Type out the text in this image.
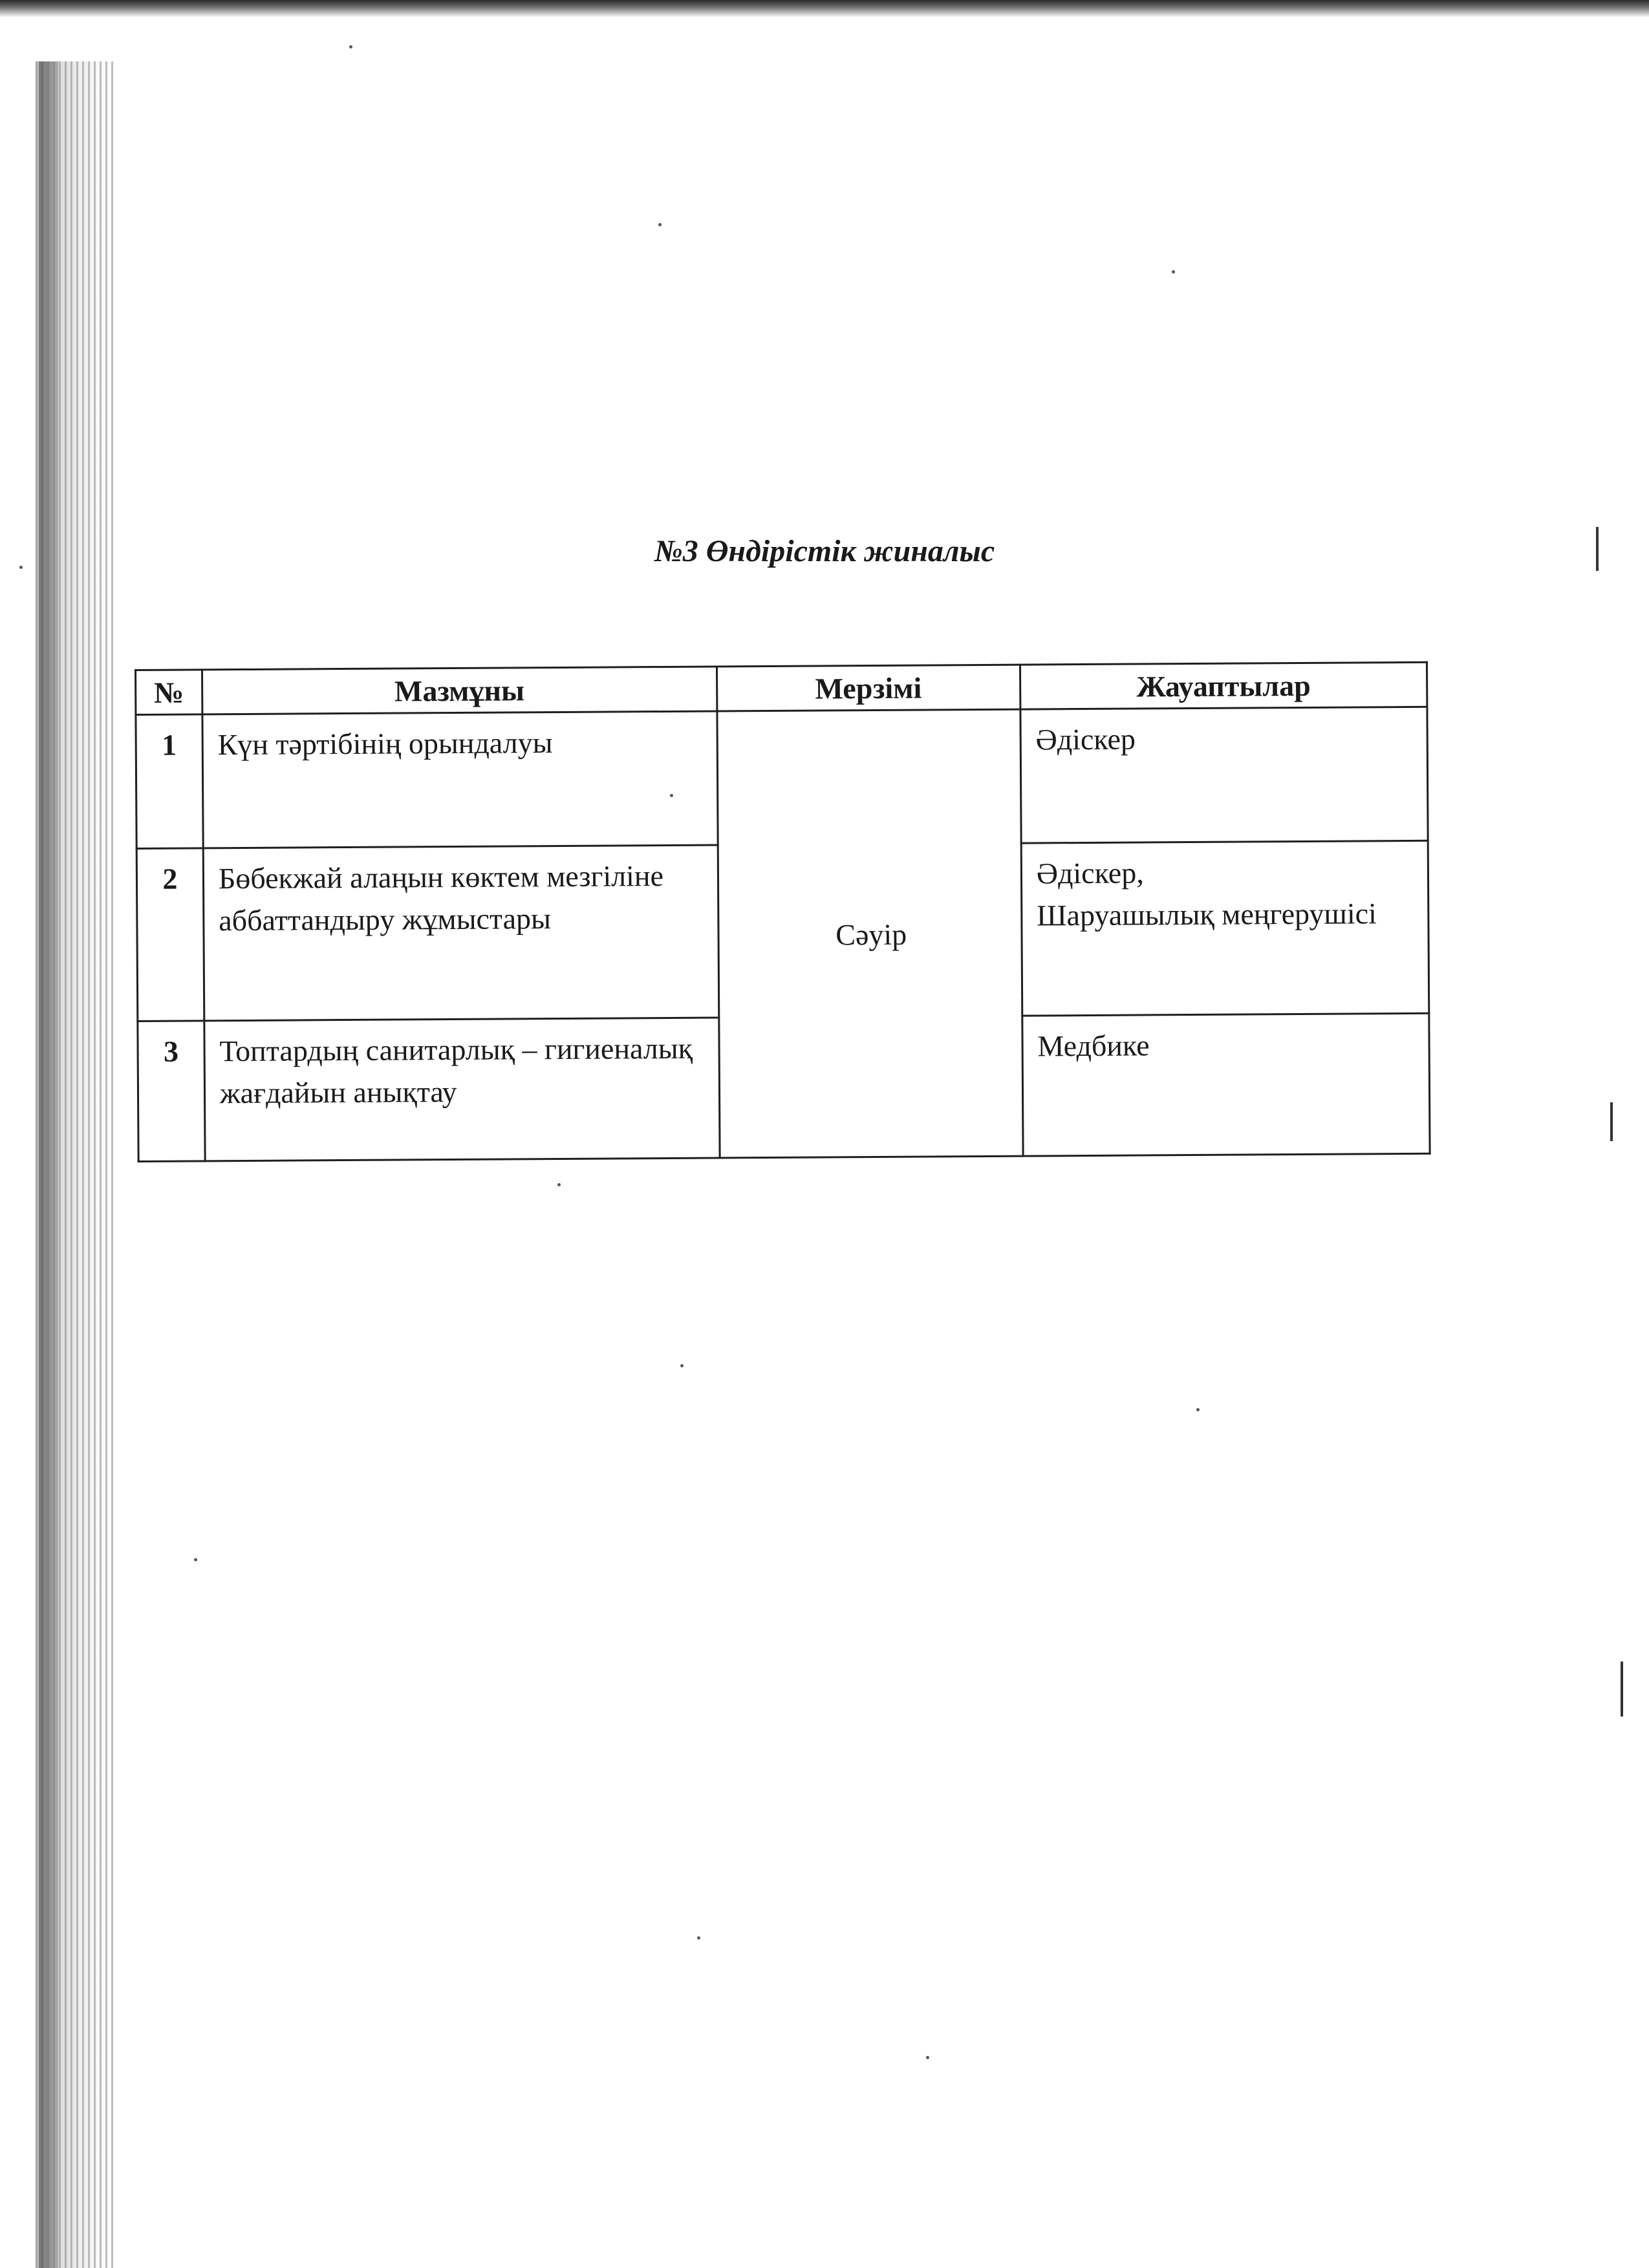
№3 Өндірістік жиналыс
№	Мазмұны	Мерзімі	Жауаптылар
1	Күн тәртібінің орындалуы	Сәуір	Әдіскер
2	Бөбекжай алаңын көктем мезгіліне аббаттандыру жұмыстары		Әдіскер,
Шаруашылық меңгерушісі
3	Топтардың санитарлық – гигиеналық жағдайын анықтау		Медбике
